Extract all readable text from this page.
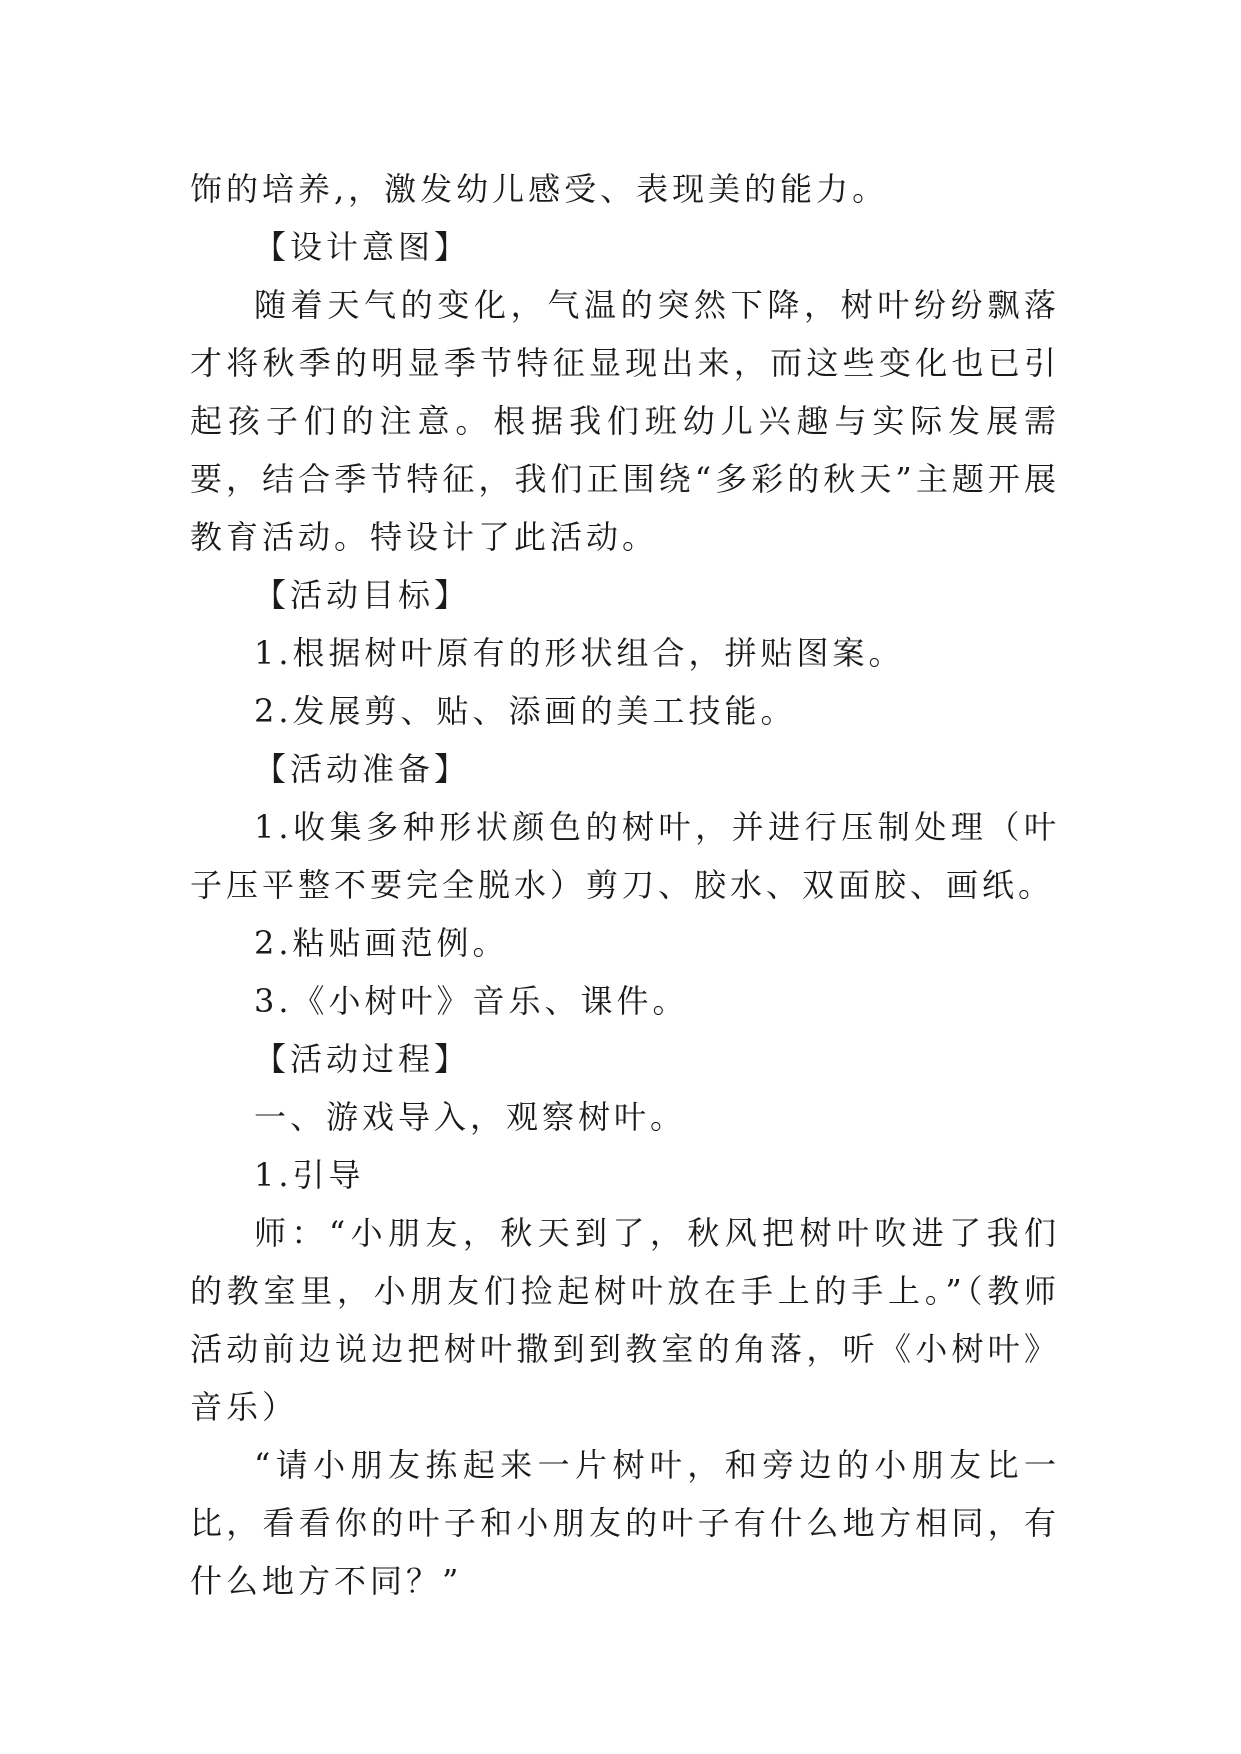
饰的培养,，激发幼儿感受、表现美的能力。

【设计意图】

随着天气的变化，气温的突然下降，树叶纷纷飘落才将秋季的明显季节特征显现出来，而这些变化也已引起孩子们的注意。根据我们班幼儿兴趣与实际发展需要，结合季节特征，我们正围绕“多彩的秋天”主题开展教育活动。特设计了此活动。

【活动目标】

1.根据树叶原有的形状组合，拼贴图案。

2.发展剪、贴、添画的美工技能。

【活动准备】

1.收集多种形状颜色的树叶，并进行压制处理（叶子压平整不要完全脱水）剪刀、胶水、双面胶、画纸。

2.粘贴画范例。

3.《小树叶》音乐、课件。

【活动过程】

一、游戏导入，观察树叶。

1.引导

师：“小朋友，秋天到了，秋风把树叶吹进了我们的教室里，小朋友们捡起树叶放在手上的手上。”（教师活动前边说边把树叶撒到到教室的角落，听《小树叶》音乐）

“请小朋友拣起来一片树叶，和旁边的小朋友比一比，看看你的叶子和小朋友的叶子有什么地方相同，有什么地方不同？”
